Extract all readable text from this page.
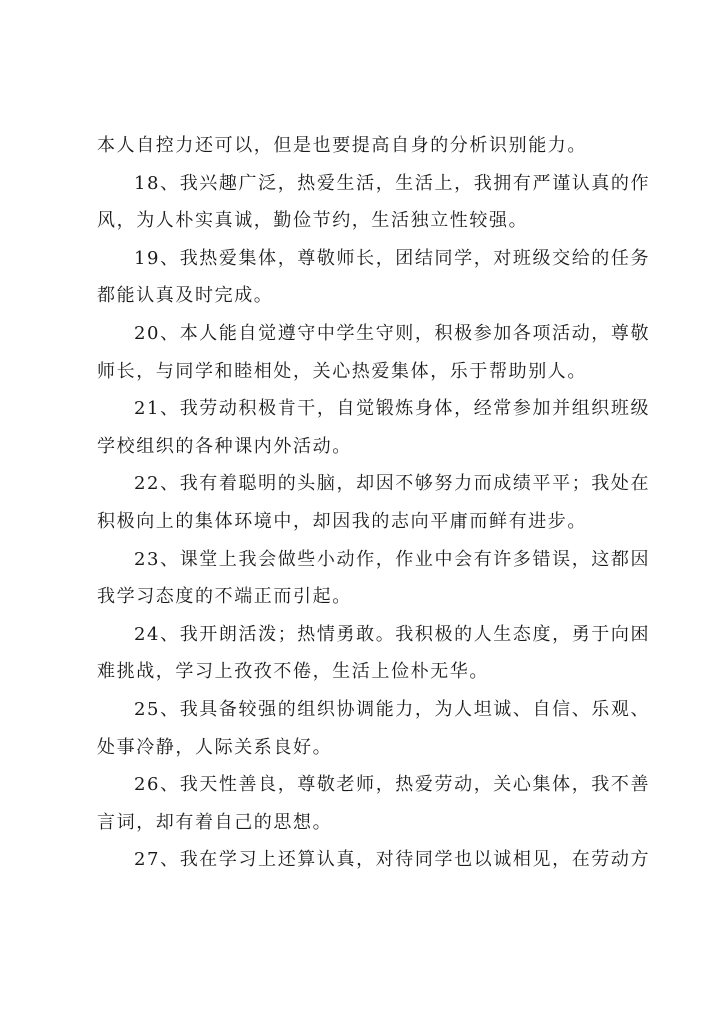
本人自控力还可以，但是也要提高自身的分析识别能力。
18、我兴趣广泛，热爱生活，生活上，我拥有严谨认真的作
风，为人朴实真诚，勤俭节约，生活独立性较强。
19、我热爱集体，尊敬师长，团结同学，对班级交给的任务
都能认真及时完成。
20、本人能自觉遵守中学生守则，积极参加各项活动，尊敬
师长，与同学和睦相处，关心热爱集体，乐于帮助别人。
21、我劳动积极肯干，自觉锻炼身体，经常参加并组织班级
学校组织的各种课内外活动。
22、我有着聪明的头脑，却因不够努力而成绩平平；我处在
积极向上的集体环境中，却因我的志向平庸而鲜有进步。
23、课堂上我会做些小动作，作业中会有许多错误，这都因
我学习态度的不端正而引起。
24、我开朗活泼；热情勇敢。我积极的人生态度，勇于向困
难挑战，学习上孜孜不倦，生活上俭朴无华。
25、我具备较强的组织协调能力，为人坦诚、自信、乐观、
处事冷静，人际关系良好。
26、我天性善良，尊敬老师，热爱劳动，关心集体，我不善
言词，却有着自己的思想。
27、我在学习上还算认真，对待同学也以诚相见，在劳动方
